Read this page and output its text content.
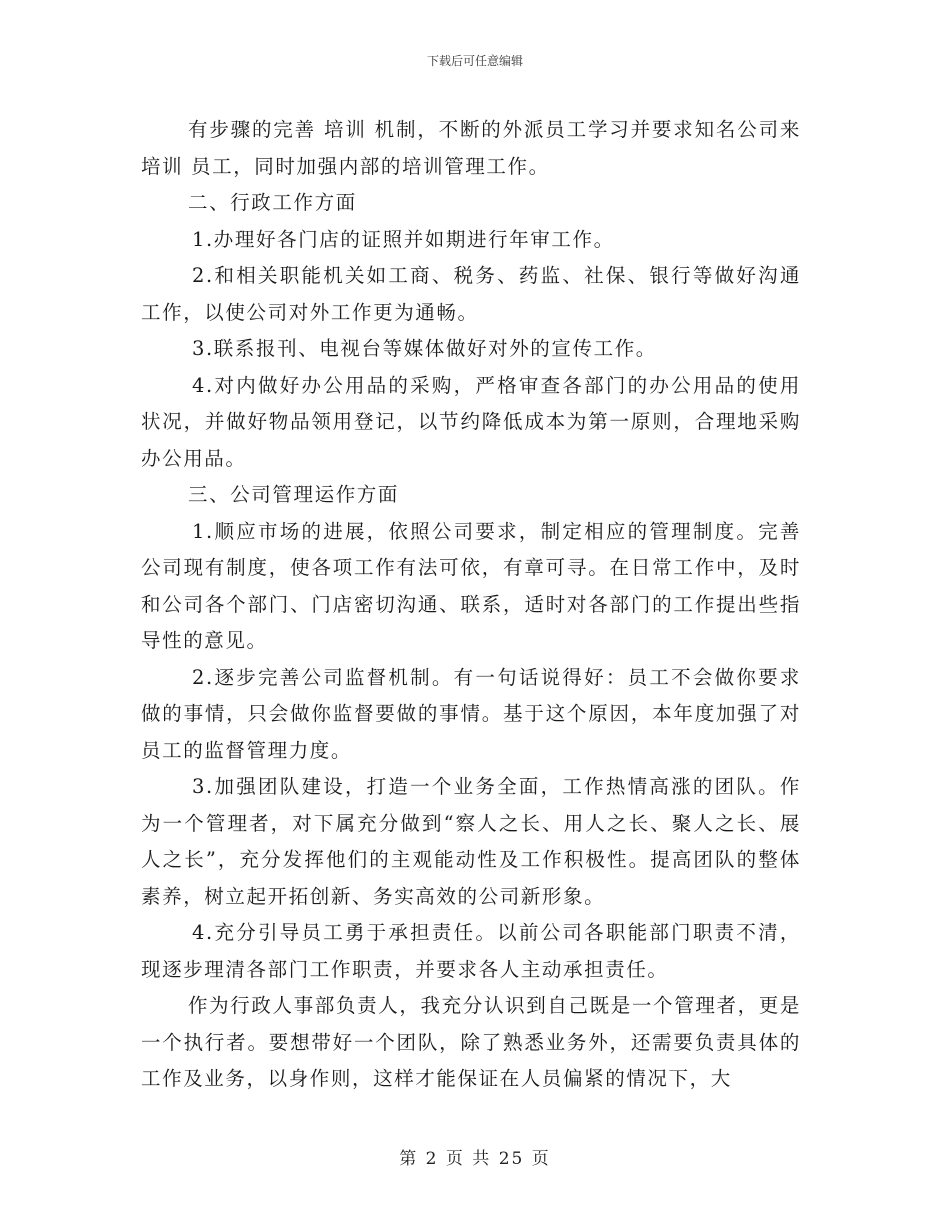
下载后可任意编辑

有步骤的完善 培训 机制，不断的外派员工学习并要求知名公司来 培训 员工，同时加强内部的培训管理工作。

二、行政工作方面

1.办理好各门店的证照并如期进行年审工作。

2.和相关职能机关如工商、税务、药监、社保、银行等做好沟通工作，以使公司对外工作更为通畅。

3.联系报刊、电视台等媒体做好对外的宣传工作。

4.对内做好办公用品的采购，严格审查各部门的办公用品的使用状况，并做好物品领用登记，以节约降低成本为第一原则，合理地采购办公用品。

三、公司管理运作方面

1.顺应市场的进展，依照公司要求，制定相应的管理制度。完善公司现有制度，使各项工作有法可依，有章可寻。在日常工作中，及时和公司各个部门、门店密切沟通、联系，适时对各部门的工作提出些指导性的意见。

2.逐步完善公司监督机制。有一句话说得好：员工不会做你要求做的事情，只会做你监督要做的事情。基于这个原因，本年度加强了对员工的监督管理力度。

3.加强团队建设，打造一个业务全面，工作热情高涨的团队。作为一个管理者，对下属充分做到“察人之长、用人之长、聚人之长、展人之长”，充分发挥他们的主观能动性及工作积极性。提高团队的整体素养，树立起开拓创新、务实高效的公司新形象。

4.充分引导员工勇于承担责任。以前公司各职能部门职责不清，现逐步理清各部门工作职责，并要求各人主动承担责任。

作为行政人事部负责人，我充分认识到自己既是一个管理者，更是一个执行者。要想带好一个团队，除了熟悉业务外，还需要负责具体的工作及业务，以身作则，这样才能保证在人员偏紧的情况下，大

第 2 页 共 25 页
